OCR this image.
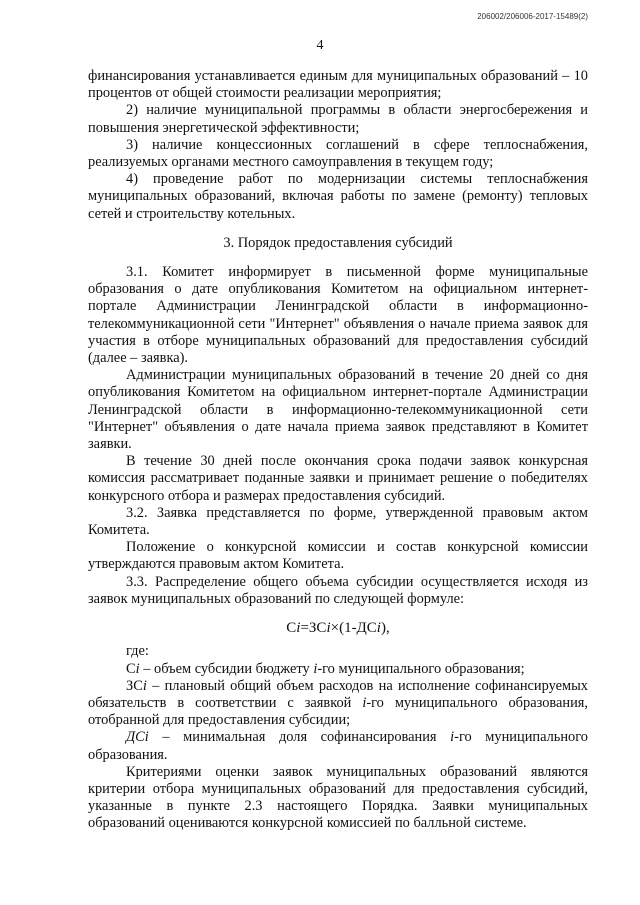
206002/206006-2017-15489(2)
4

финансирования устанавливается единым для муниципальных образований – 10 процентов от общей стоимости реализации мероприятия;

2) наличие муниципальной программы в области энергосбережения и повышения энергетической эффективности;

3) наличие концессионных соглашений в сфере теплоснабжения, реализуемых органами местного самоуправления в текущем году;

4) проведение работ по модернизации системы теплоснабжения муниципальных образований, включая работы по замене (ремонту) тепловых сетей и строительству котельных.

3. Порядок предоставления субсидий

3.1. Комитет информирует в письменной форме муниципальные образования о дате опубликования Комитетом на официальном интернет-портале Администрации Ленинградской области в информационно-телекоммуникационной сети "Интернет" объявления о начале приема заявок для участия в отборе муниципальных образований для предоставления субсидий (далее – заявка).

Администрации муниципальных образований в течение 20 дней со дня опубликования Комитетом на официальном интернет-портале Администрации Ленинградской области в информационно-телекоммуникационной сети "Интернет" объявления о дате начала приема заявок представляют в Комитет заявки.

В течение 30 дней после окончания срока подачи заявок конкурсная комиссия рассматривает поданные заявки и принимает решение о победителях конкурсного отбора и размерах предоставления субсидий.

3.2. Заявка представляется по форме, утвержденной правовым актом Комитета.

Положение о конкурсной комиссии и состав конкурсной комиссии утверждаются правовым актом Комитета.

3.3. Распределение общего объема субсидии осуществляется исходя из заявок муниципальных образований по следующей формуле:

Сi=ЗСi×(1-ДСi),

где:

Сi – объем субсидии бюджету i-го муниципального образования;

ЗСi – плановый общий объем расходов на исполнение софинансируемых обязательств в соответствии с заявкой i-го муниципального образования, отобранной для предоставления субсидии;

ДСi – минимальная доля софинансирования i-го муниципального образования.

Критериями оценки заявок муниципальных образований являются критерии отбора муниципальных образований для предоставления субсидий, указанные в пункте 2.3 настоящего Порядка. Заявки муниципальных образований оцениваются конкурсной комиссией по балльной системе.
